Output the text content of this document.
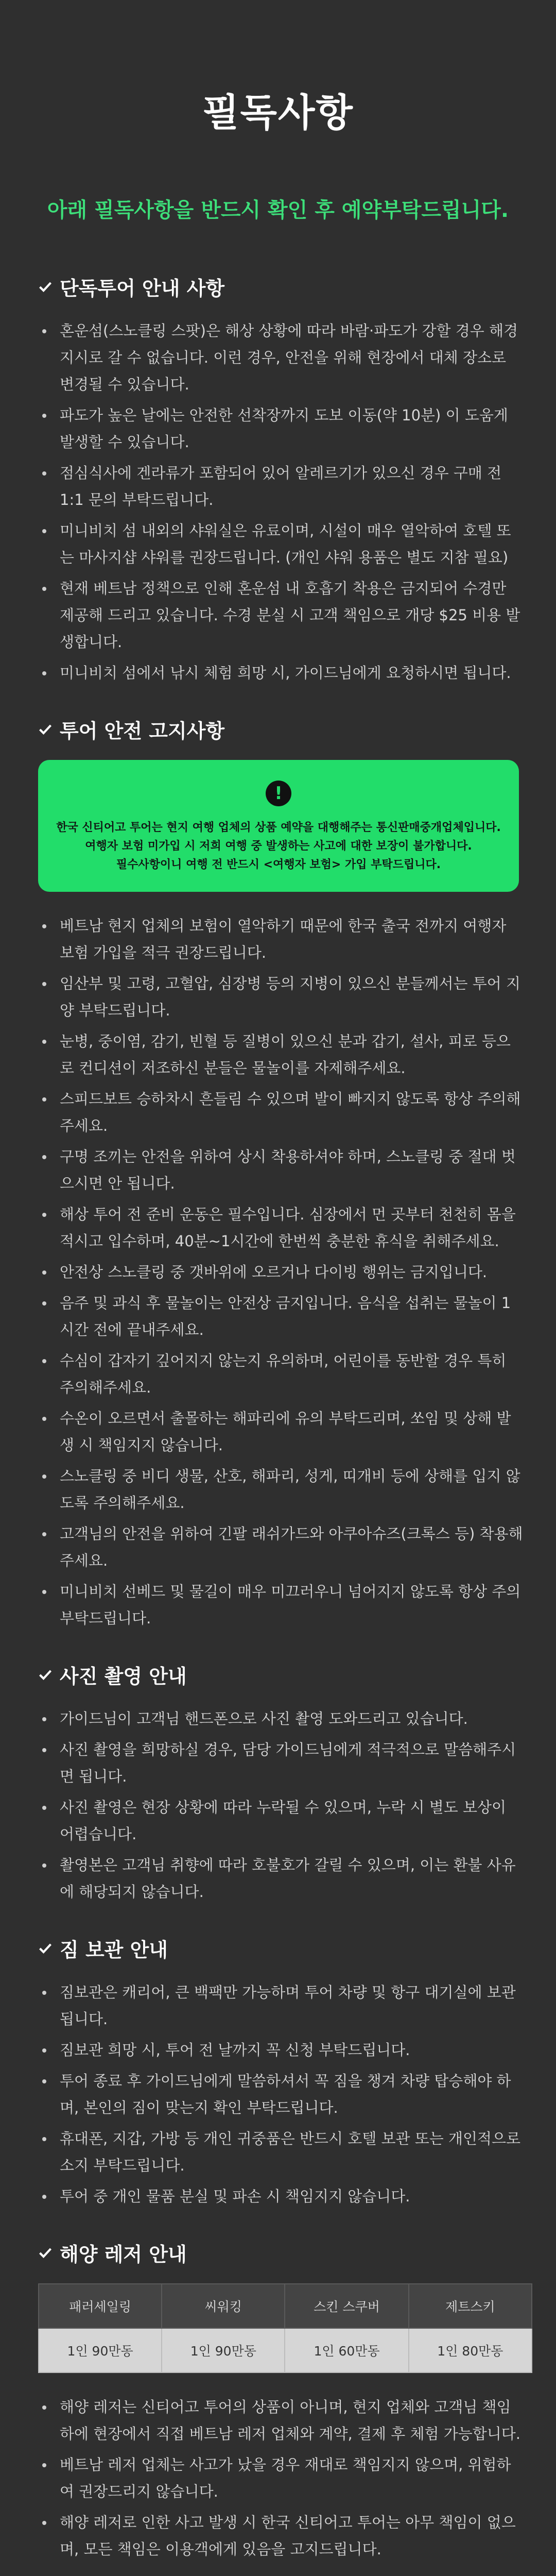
필독사항

아래 필독사항을 반드시 확인 후 예약부탁드립니다.

단독투어 안내 사항
혼운섬(스노클링 스팟)은 해상 상황에 따라 바람·파도가 강할 경우 해경 지시로 갈 수 없습니다. 이런 경우, 안전을 위해 현장에서 대체 장소로 변경될 수 있습니다.
파도가 높은 날에는 안전한 선착장까지 도보 이동(약 10분) 이 도움게 발생할 수 있습니다.
점심식사에 겐라류가 포함되어 있어 알레르기가 있으신 경우 구매 전 1:1 문의 부탁드립니다.
미니비치 섬 내외의 샤워실은 유료이며, 시설이 매우 열악하여 호텔 또는 마사지샵 샤워를 권장드립니다. (개인 샤워 용품은 별도 지참 필요)
현재 베트남 정책으로 인해 혼운섬 내 호흡기 착용은 금지되어 수경만 제공해 드리고 있습니다. 수경 분실 시 고객 책임으로 개당 $25 비용 발생합니다.
미니비치 섬에서 낚시 체험 희망 시, 가이드님에게 요청하시면 됩니다.
투어 안전 고지사항
!

한국 신티어고 투어는 현지 여행 업체의 상품 예약을 대행해주는 통신판매중개업체입니다.

여행자 보험 미가입 시 저희 여행 중 발생하는 사고에 대한 보장이 불가합니다.

필수사항이니 여행 전 반드시 <여행자 보험> 가입 부탁드립니다.

베트남 현지 업체의 보험이 열악하기 때문에 한국 출국 전까지 여행자 보험 가입을 적극 권장드립니다.
임산부 및 고령, 고혈압, 심장병 등의 지병이 있으신 분들께서는 투어 지양 부탁드립니다.
눈병, 중이염, 감기, 빈혈 등 질병이 있으신 분과 갑기, 설사, 피로 등으로 컨디션이 저조하신 분들은 물놀이를 자제해주세요.
스피드보트 승하차시 흔들림 수 있으며 발이 빠지지 않도록 항상 주의해주세요.
구명 조끼는 안전을 위하여 상시 착용하셔야 하며, 스노클링 중 절대 벗으시면 안 됩니다.
해상 투어 전 준비 운동은 필수입니다. 심장에서 먼 곳부터 천천히 몸을 적시고 입수하며, 40분~1시간에 한번씩 충분한 휴식을 취해주세요.
안전상 스노클링 중 갯바위에 오르거나 다이빙 행위는 금지입니다.
음주 및 과식 후 물놀이는 안전상 금지입니다. 음식을 섭취는 물놀이 1시간 전에 끝내주세요.
수심이 갑자기 깊어지지 않는지 유의하며, 어린이를 동반할 경우 특히 주의해주세요.
수온이 오르면서 출몰하는 해파리에 유의 부탁드리며, 쏘임 및 상해 발생 시 책임지지 않습니다.
스노클링 중 비디 생물, 산호, 해파리, 성게, 띠개비 등에 상해를 입지 않도록 주의해주세요.
고객님의 안전을 위하여 긴팔 래쉬가드와 아쿠아슈즈(크록스 등) 착용해주세요.
미니비치 선베드 및 물길이 매우 미끄러우니 넘어지지 않도록 항상 주의 부탁드립니다.
사진 촬영 안내
가이드님이 고객님 핸드폰으로 사진 촬영 도와드리고 있습니다.
사진 촬영을 희망하실 경우, 담당 가이드님에게 적극적으로 말씀해주시면 됩니다.
사진 촬영은 현장 상황에 따라 누락될 수 있으며, 누락 시 별도 보상이 어렵습니다.
촬영본은 고객님 취향에 따라 호불호가 갈릴 수 있으며, 이는 환불 사유에 해당되지 않습니다.
짐 보관 안내
짐보관은 캐리어, 큰 백팩만 가능하며 투어 차량 및 항구 대기실에 보관됩니다.
짐보관 희망 시, 투어 전 날까지 꼭 신청 부탁드립니다.
투어 종료 후 가이드님에게 말씀하셔서 꼭 짐을 챙겨 차량 탑승해야 하며, 본인의 짐이 맞는지 확인 부탁드립니다.
휴대폰, 지갑, 가방 등 개인 귀중품은 반드시 호텔 보관 또는 개인적으로 소지 부탁드립니다.
투어 중 개인 물품 분실 및 파손 시 책임지지 않습니다.
해양 레저 안내
패러세일링	씨워킹	스킨 스쿠버	제트스키
1인 90만동	1인 90만동	1인 60만동	1인 80만동
해양 레저는 신티어고 투어의 상품이 아니며, 현지 업체와 고객님 책임 하에 현장에서 직접 베트남 레저 업체와 계약, 결제 후 체험 가능합니다.
베트남 레저 업체는 사고가 났을 경우 재대로 책임지지 않으며, 위험하여 권장드리지 않습니다.
해양 레저로 인한 사고 발생 시 한국 신티어고 투어는 아무 책임이 없으며, 모든 책임은 이용객에게 있음을 고지드립니다.
